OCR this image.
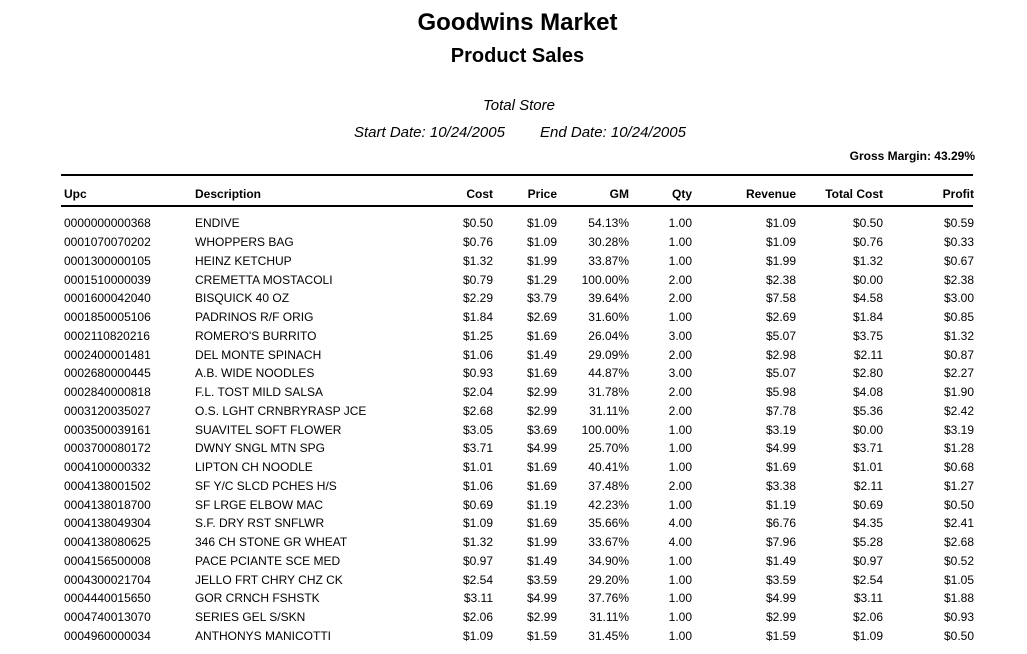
Goodwins Market
Product Sales

Total Store

Start Date: 10/24/2005 End Date: 10/24/2005

Gross Margin: 43.29%
Upc	Description	Cost	Price	GM	Qty	Revenue	Total Cost	Profit
0000000000368	ENDIVE	$0.50	$1.09	54.13%	1.00	$1.09	$0.50	$0.59
0001070070202	WHOPPERS BAG	$0.76	$1.09	30.28%	1.00	$1.09	$0.76	$0.33
0001300000105	HEINZ KETCHUP	$1.32	$1.99	33.87%	1.00	$1.99	$1.32	$0.67
0001510000039	CREMETTA MOSTACOLI	$0.79	$1.29	100.00%	2.00	$2.38	$0.00	$2.38
0001600042040	BISQUICK 40 OZ	$2.29	$3.79	39.64%	2.00	$7.58	$4.58	$3.00
0001850005106	PADRINOS R/F ORIG	$1.84	$2.69	31.60%	1.00	$2.69	$1.84	$0.85
0002110820216	ROMERO'S BURRITO	$1.25	$1.69	26.04%	3.00	$5.07	$3.75	$1.32
0002400001481	DEL MONTE SPINACH	$1.06	$1.49	29.09%	2.00	$2.98	$2.11	$0.87
0002680000445	A.B. WIDE NOODLES	$0.93	$1.69	44.87%	3.00	$5.07	$2.80	$2.27
0002840000818	F.L. TOST MILD SALSA	$2.04	$2.99	31.78%	2.00	$5.98	$4.08	$1.90
0003120035027	O.S. LGHT CRNBRYRASP JCE	$2.68	$2.99	31.11%	2.00	$7.78	$5.36	$2.42
0003500039161	SUAVITEL SOFT FLOWER	$3.05	$3.69	100.00%	1.00	$3.19	$0.00	$3.19
0003700080172	DWNY SNGL MTN SPG	$3.71	$4.99	25.70%	1.00	$4.99	$3.71	$1.28
0004100000332	LIPTON CH NOODLE	$1.01	$1.69	40.41%	1.00	$1.69	$1.01	$0.68
0004138001502	SF Y/C SLCD PCHES H/S	$1.06	$1.69	37.48%	2.00	$3.38	$2.11	$1.27
0004138018700	SF LRGE ELBOW MAC	$0.69	$1.19	42.23%	1.00	$1.19	$0.69	$0.50
0004138049304	S.F. DRY RST SNFLWR	$1.09	$1.69	35.66%	4.00	$6.76	$4.35	$2.41
0004138080625	346 CH STONE GR WHEAT	$1.32	$1.99	33.67%	4.00	$7.96	$5.28	$2.68
0004156500008	PACE PCIANTE SCE MED	$0.97	$1.49	34.90%	1.00	$1.49	$0.97	$0.52
0004300021704	JELLO FRT CHRY CHZ CK	$2.54	$3.59	29.20%	1.00	$3.59	$2.54	$1.05
0004440015650	GOR CRNCH FSHSTK	$3.11	$4.99	37.76%	1.00	$4.99	$3.11	$1.88
0004740013070	SERIES GEL S/SKN	$2.06	$2.99	31.11%	1.00	$2.99	$2.06	$0.93
0004960000034	ANTHONYS MANICOTTI	$1.09	$1.59	31.45%	1.00	$1.59	$1.09	$0.50
